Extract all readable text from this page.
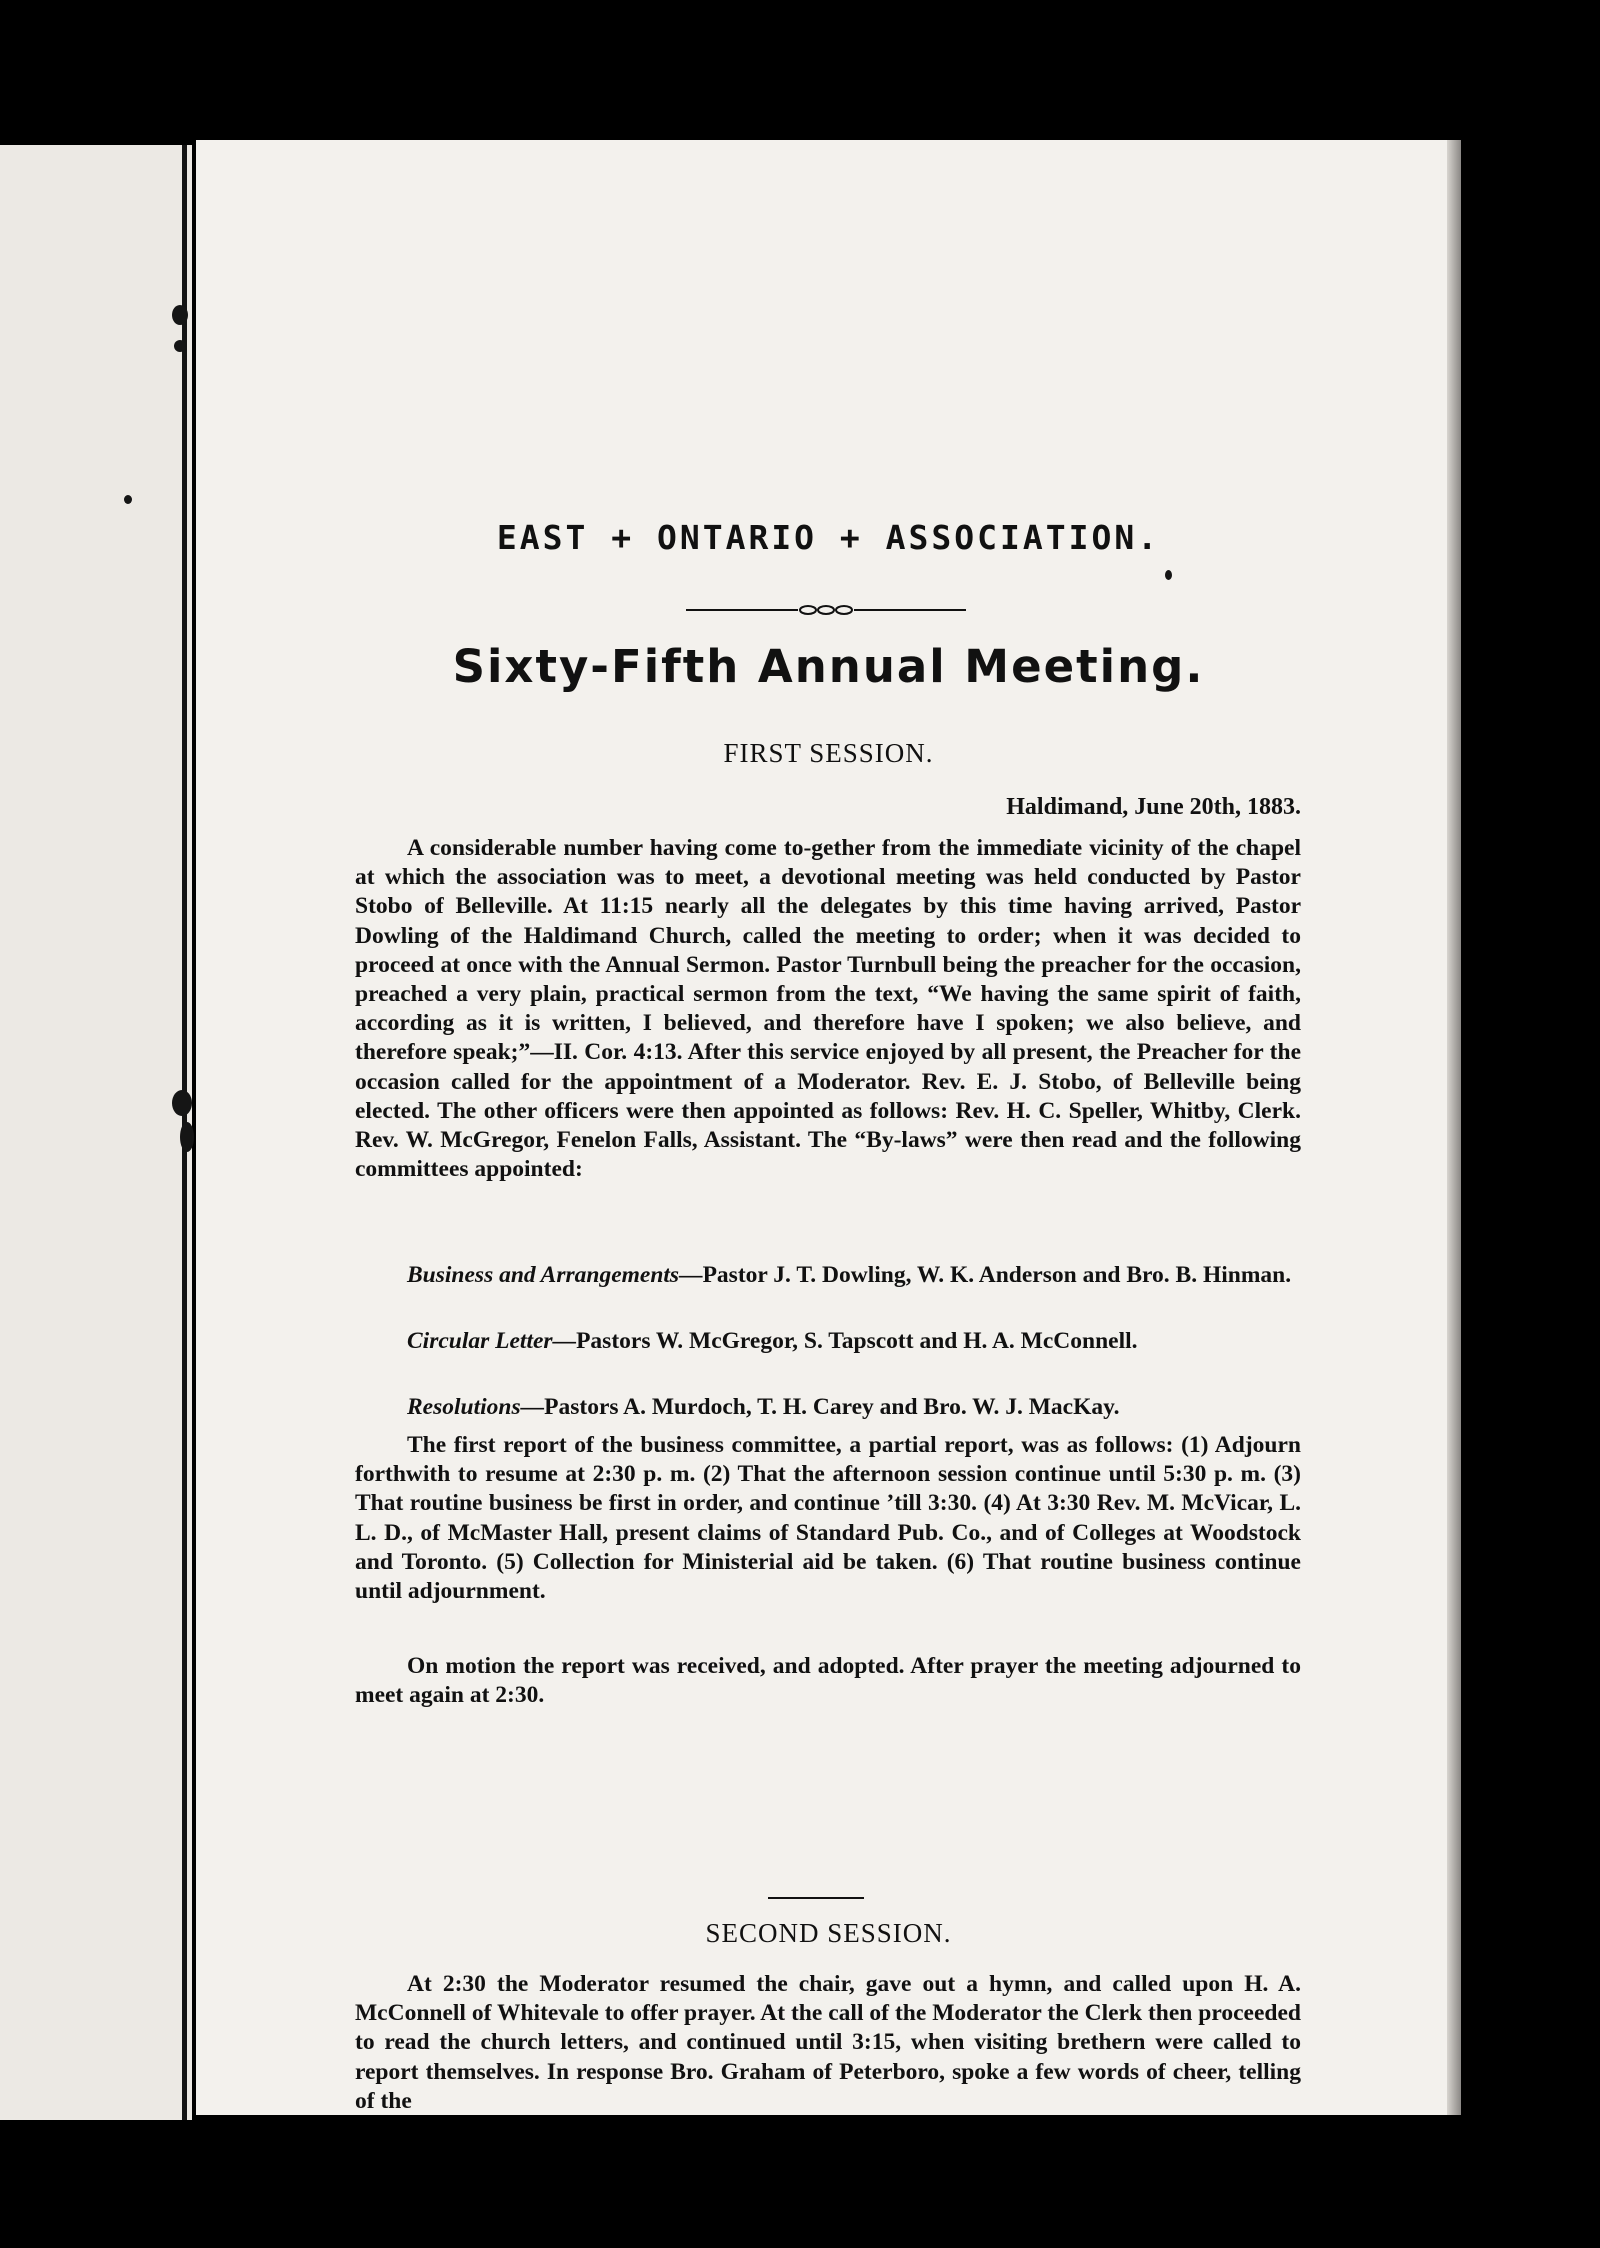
EAST + ONTARIO + ASSOCIATION.
Sixty-Fifth Annual Meeting.
FIRST SESSION.
Haldimand, June 20th, 1883.

A considerable number having come to-gether from the immediate vicinity of the chapel at which the association was to meet, a devotional meeting was held conducted by Pastor Stobo of Belleville. At 11:15 nearly all the delegates by this time having arrived, Pastor Dowling of the Haldimand Church, called the meeting to order; when it was decided to proceed at once with the Annual Sermon. Pastor Turnbull being the preacher for the occasion, preached a very plain, practical sermon from the text, “We having the same spirit of faith, according as it is written, I believed, and therefore have I spoken; we also believe, and therefore speak;”—II. Cor. 4:13. After this service enjoyed by all present, the Preacher for the occasion called for the appointment of a Moderator. Rev. E. J. Stobo, of Belleville being elected. The other officers were then appointed as follows: Rev. H. C. Speller, Whitby, Clerk. Rev. W. McGregor, Fenelon Falls, Assistant. The “By-laws” were then read and the following committees appointed:

Business and Arrangements—Pastor J. T. Dowling, W. K. Anderson and Bro. B. Hinman.

Circular Letter—Pastors W. McGregor, S. Tapscott and H. A. McConnell.

Resolutions—Pastors A. Murdoch, T. H. Carey and Bro. W. J. MacKay.

The first report of the business committee, a partial report, was as follows: (1) Adjourn forthwith to resume at 2:30 p. m. (2) That the afternoon session continue until 5:30 p. m. (3) That routine business be first in order, and continue ’till 3:30. (4) At 3:30 Rev. M. McVicar, L. L. D., of McMaster Hall, present claims of Standard Pub. Co., and of Colleges at Woodstock and Toronto. (5) Collection for Ministerial aid be taken. (6) That routine business continue until adjournment.

On motion the report was received, and adopted. After prayer the meeting adjourned to meet again at 2:30.

SECOND SESSION.

At 2:30 the Moderator resumed the chair, gave out a hymn, and called upon H. A. McConnell of Whitevale to offer prayer. At the call of the Moderator the Clerk then proceeded to read the church letters, and continued until 3:15, when visiting brethern were called to report themselves. In response Bro. Graham of Peterboro, spoke a few words of cheer, telling of the
